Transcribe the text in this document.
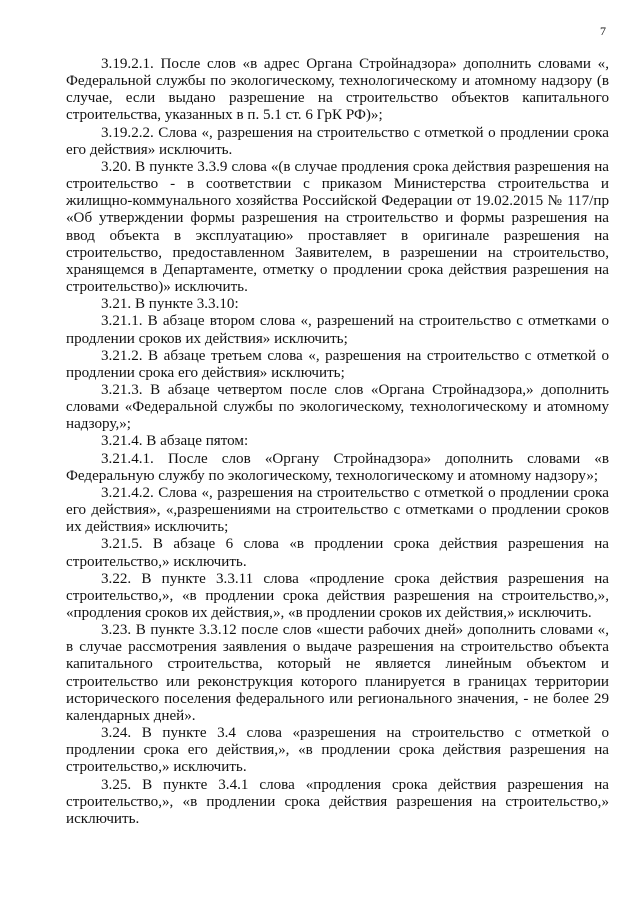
7

3.19.2.1. После слов «в адрес Органа Стройнадзора» дополнить словами «, Федеральной службы по экологическому, технологическому и атомному надзору (в случае, если выдано разрешение на строительство объектов капитального строительства, указанных в п. 5.1 ст. 6 ГрК РФ)»;

3.19.2.2. Слова «, разрешения на строительство с отметкой о продлении срока его действия» исключить.

3.20. В пункте 3.3.9 слова «(в случае продления срока действия разрешения на строительство - в соответствии с приказом Министерства строительства и жилищно-коммунального хозяйства Российской Федерации от 19.02.2015 № 117/пр «Об утверждении формы разрешения на строительство и формы разрешения на ввод объекта в эксплуатацию» проставляет в оригинале разрешения на строительство, предоставленном Заявителем, в разрешении на строительство, хранящемся в Департаменте, отметку о продлении срока действия разрешения на строительство)» исключить.

3.21. В пункте 3.3.10:

3.21.1. В абзаце втором слова «, разрешений на строительство с отметками о продлении сроков их действия» исключить;

3.21.2. В абзаце третьем слова «, разрешения на строительство с отметкой о продлении срока его действия» исключить;

3.21.3. В абзаце четвертом после слов «Органа Стройнадзора,» дополнить словами «Федеральной службы по экологическому, технологическому и атомному надзору,»;

3.21.4. В абзаце пятом:

3.21.4.1. После слов «Органу Стройнадзора» дополнить словами «в Федеральную службу по экологическому, технологическому и атомному надзору»;

3.21.4.2. Слова «, разрешения на строительство с отметкой о продлении срока его действия», «,разрешениями на строительство с отметками о продлении сроков их действия» исключить;

3.21.5. В абзаце 6 слова «в продлении срока действия разрешения на строительство,» исключить.

3.22. В пункте 3.3.11 слова «продление срока действия разрешения на строительство,», «в продлении срока действия разрешения на строительство,», «продления сроков их действия,», «в продлении сроков их действия,» исключить.

3.23. В пункте 3.3.12 после слов «шести рабочих дней» дополнить словами «, в случае рассмотрения заявления о выдаче разрешения на строительство объекта капитального строительства, который не является линейным объектом и строительство или реконструкция которого планируется в границах территории исторического поселения федерального или регионального значения, - не более 29 календарных дней».

3.24. В пункте 3.4 слова «разрешения на строительство с отметкой о продлении срока его действия,», «в продлении срока действия разрешения на строительство,» исключить.

3.25. В пункте 3.4.1 слова «продления срока действия разрешения на строительство,», «в продлении срока действия разрешения на строительство,» исключить.
